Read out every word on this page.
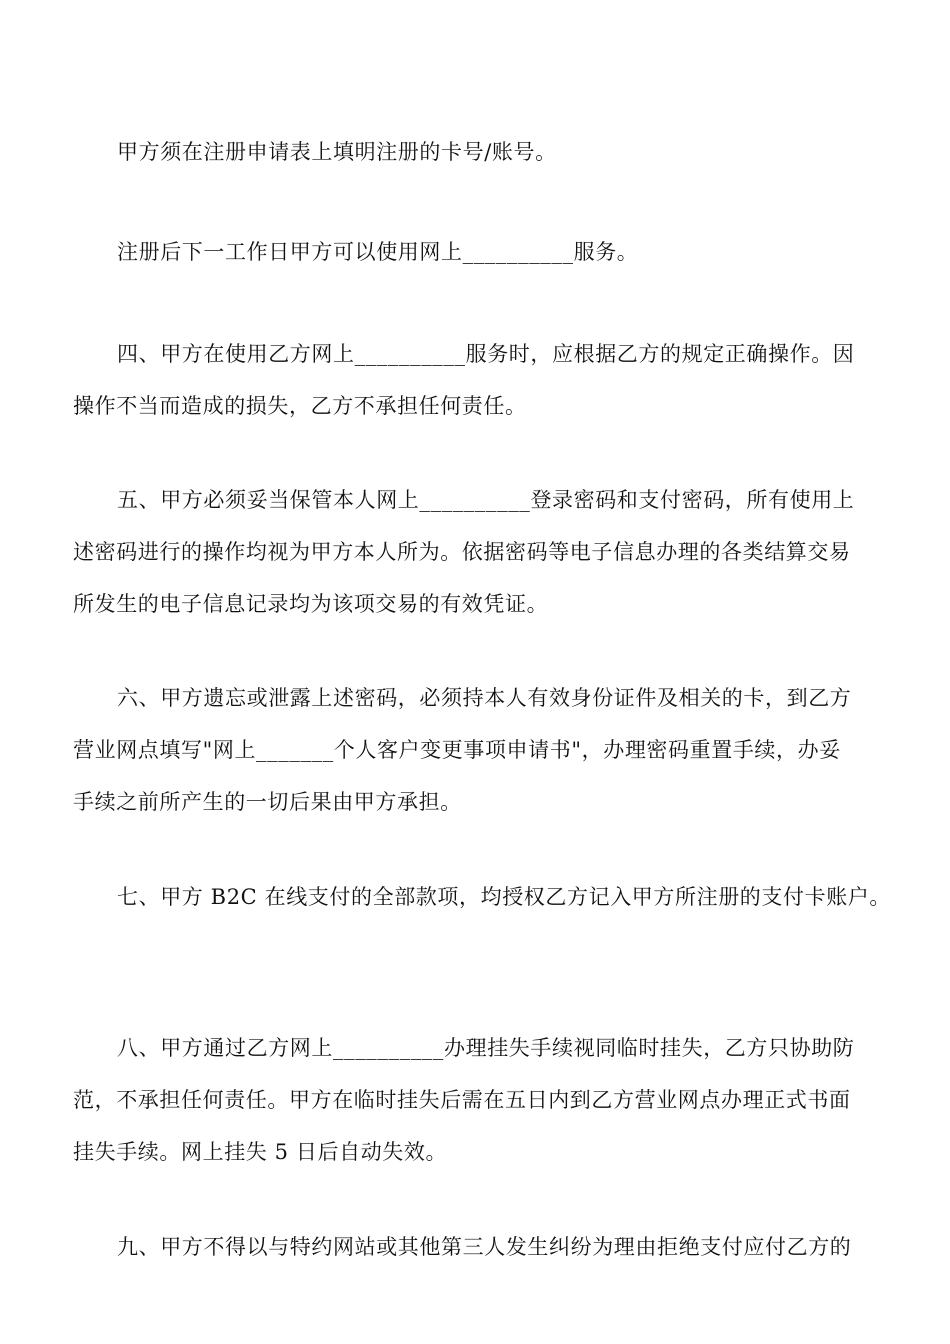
甲方须在注册申请表上填明注册的卡号/账号。
注册后下一工作日甲方可以使用网上__________服务。
四、甲方在使用乙方网上__________服务时，应根据乙方的规定正确操作。因
操作不当而造成的损失，乙方不承担任何责任。
五、甲方必须妥当保管本人网上__________登录密码和支付密码，所有使用上
述密码进行的操作均视为甲方本人所为。依据密码等电子信息办理的各类结算交易
所发生的电子信息记录均为该项交易的有效凭证。
六、甲方遗忘或泄露上述密码，必须持本人有效身份证件及相关的卡，到乙方
营业网点填写"网上_______个人客户变更事项申请书"，办理密码重置手续，办妥
手续之前所产生的一切后果由甲方承担。
七、甲方 B2C 在线支付的全部款项，均授权乙方记入甲方所注册的支付卡账户。
八、甲方通过乙方网上__________办理挂失手续视同临时挂失，乙方只协助防
范，不承担任何责任。甲方在临时挂失后需在五日内到乙方营业网点办理正式书面
挂失手续。网上挂失 5 日后自动失效。
九、甲方不得以与特约网站或其他第三人发生纠纷为理由拒绝支付应付乙方的
